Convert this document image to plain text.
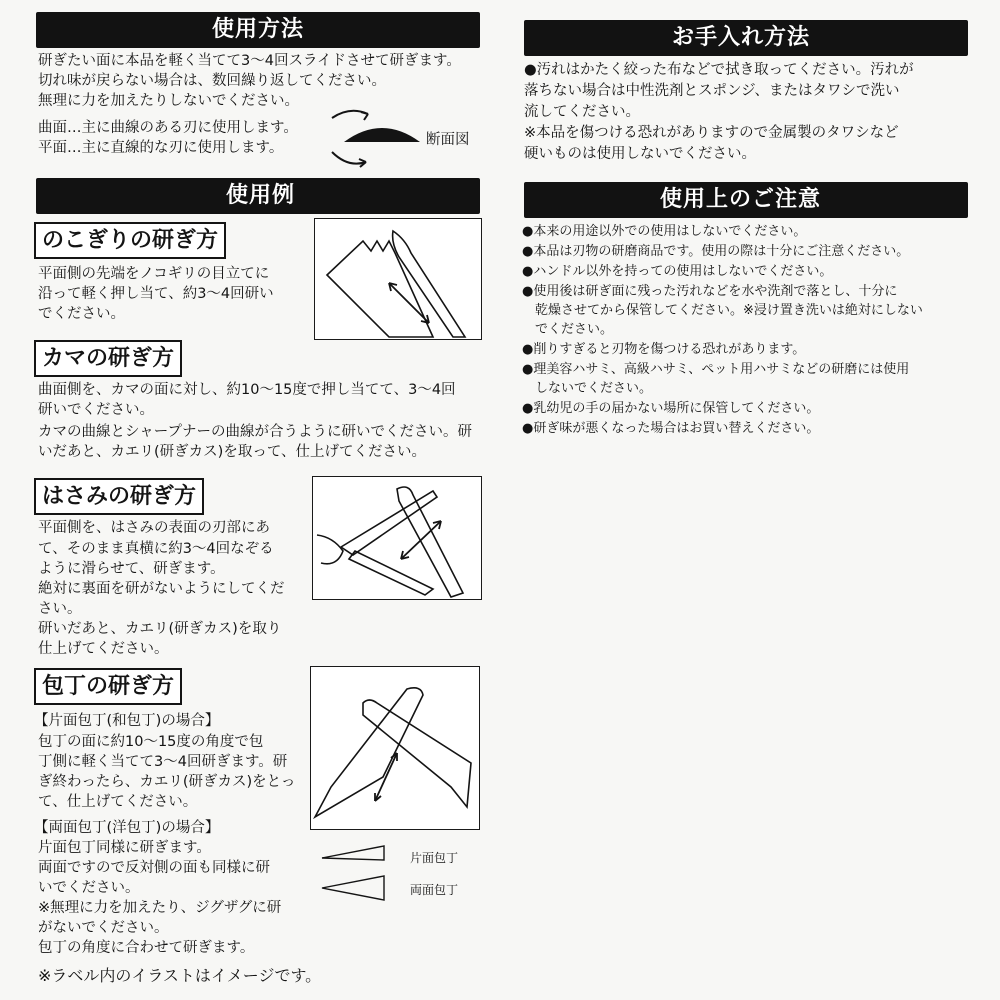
使用方法
研ぎたい面に本品を軽く当てて3～4回スライドさせて研ぎます。
切れ味が戻らない場合は、数回繰り返してください。
無理に力を加えたりしないでください。
曲面…主に曲線のある刃に使用します。
平面…主に直線的な刃に使用します。	断面図
使用例
のこぎりの研ぎ方
平面側の先端をノコギリの目立てに
沿って軽く押し当て、約3～4回研い
でください。
カマの研ぎ方
曲面側を、カマの面に対し、約10～15度で押し当てて、3～4回
研いでください。
カマの曲線とシャープナーの曲線が合うように研いでください。研
いだあと、カエリ(研ぎカス)を取って、仕上げてください。
はさみの研ぎ方
平面側を、はさみの表面の刃部にあ
て、そのまま真横に約3～4回なぞる
ように滑らせて、研ぎます。
絶対に裏面を研がないようにしてくだ
さい。
研いだあと、カエリ(研ぎカス)を取り
仕上げてください。
包丁の研ぎ方
【片面包丁(和包丁)の場合】
包丁の面に約10～15度の角度で包
丁側に軽く当てて3～4回研ぎます。研
ぎ終わったら、カエリ(研ぎカス)をとっ
て、仕上げてください。
【両面包丁(洋包丁)の場合】
片面包丁同様に研ぎます。
両面ですので反対側の面も同様に研
いでください。
※無理に力を加えたり、ジグザグに研
がないでください。
包丁の角度に合わせて研ぎます。
片面包丁
両面包丁
※ラベル内のイラストはイメージです。
お手入れ方法
●汚れはかたく絞った布などで拭き取ってください。汚れが
落ちない場合は中性洗剤とスポンジ、またはタワシで洗い
流してください。
※本品を傷つける恐れがありますので金属製のタワシなど
硬いものは使用しないでください。
使用上のご注意
●本来の用途以外での使用はしないでください。
●本品は刃物の研磨商品です。使用の際は十分にご注意ください。
●ハンドル以外を持っての使用はしないでください。
●使用後は研ぎ面に残った汚れなどを水や洗剤で落とし、十分に
　乾燥させてから保管してください。※浸け置き洗いは絶対にしない
　でください。
●削りすぎると刃物を傷つける恐れがあります。
●理美容ハサミ、高級ハサミ、ペット用ハサミなどの研磨には使用
　しないでください。
●乳幼児の手の届かない場所に保管してください。
●研ぎ味が悪くなった場合はお買い替えください。
